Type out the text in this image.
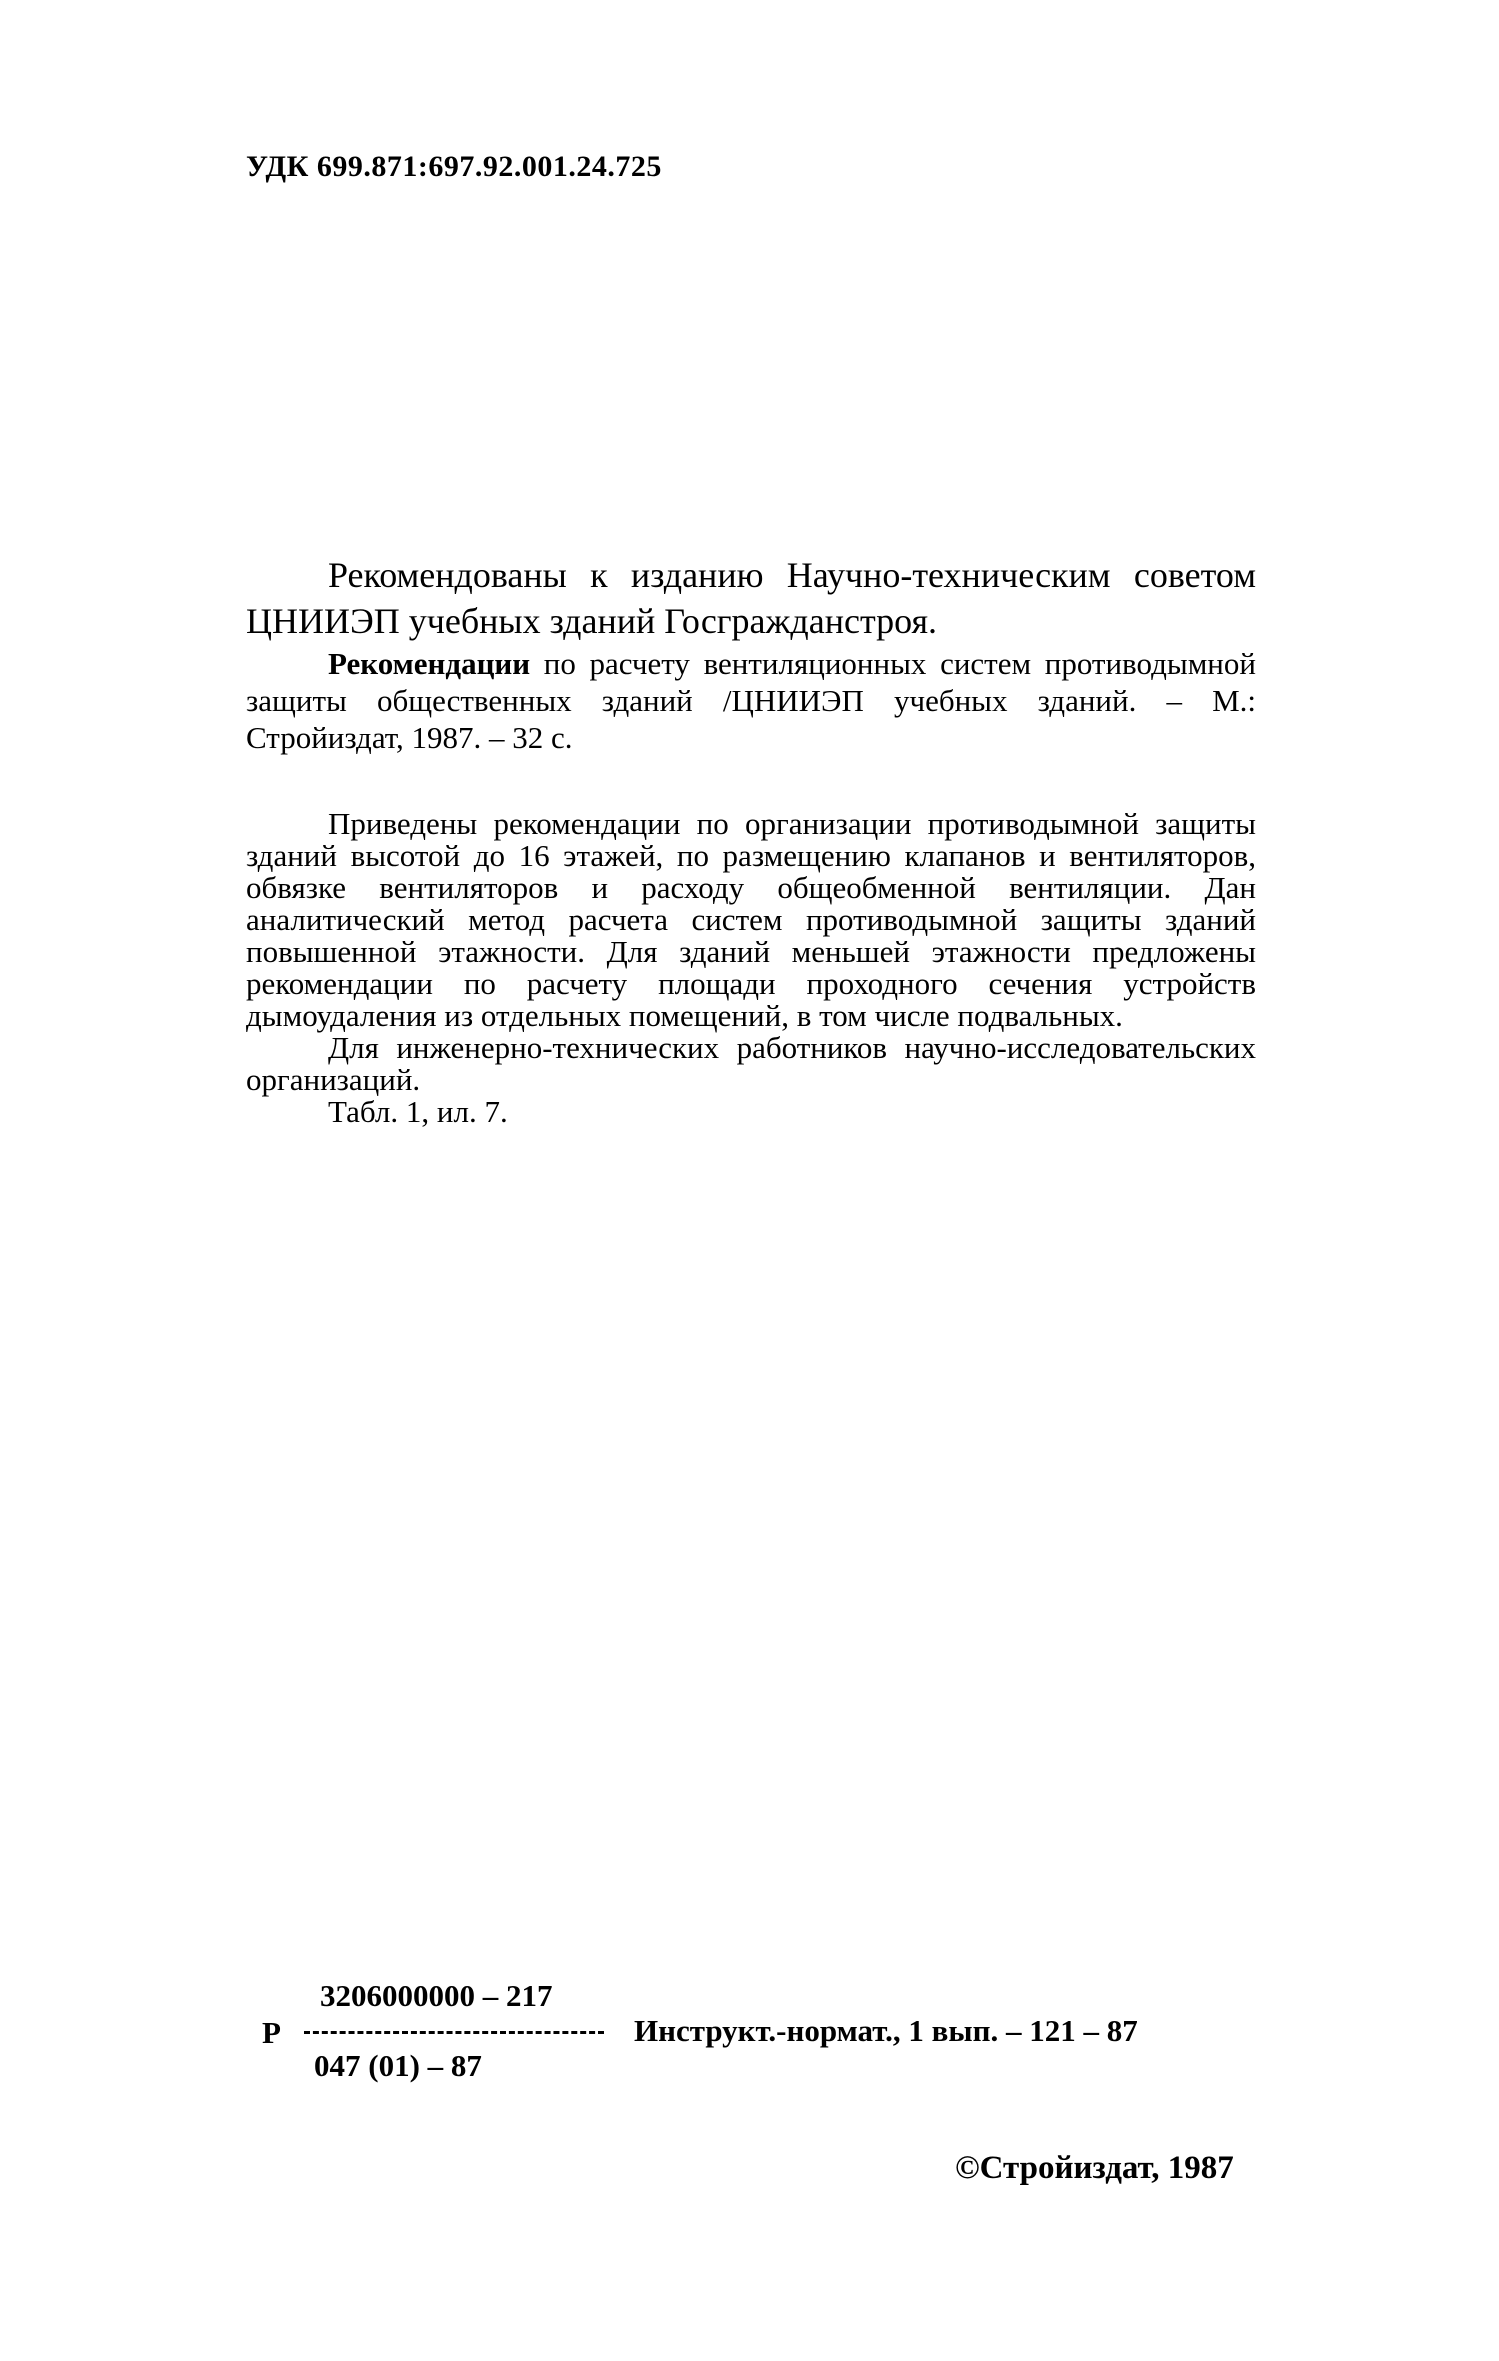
УДК 699.871:697.92.001.24.725

Рекомендованы к изданию Научно-техническим советом ЦНИИЭП учебных зданий Госгражданстроя.

Рекомендации по расчету вентиляционных систем противодымной защиты общественных зданий /ЦНИИЭП учебных зданий. – М.: Стройиздат, 1987. – 32 с.

Приведены рекомендации по организации противодымной защиты зданий высотой до 16 этажей, по размещению клапанов и вентиляторов, обвязке вентиляторов и расходу общеобменной вентиляции. Дан аналитический метод расчета систем противодымной защиты зданий повышенной этажности. Для зданий меньшей этажности предложены рекомендации по расчету площади проходного сечения устройств дымоудаления из отдельных помещений, в том числе подвальных.

Для инженерно-технических работников научно-исследовательских организаций.

Табл. 1, ил. 7.

Р
3206000000 – 217
047 (01) – 87
Инструкт.-нормат., 1 вып. – 121 – 87
©Стройиздат, 1987
